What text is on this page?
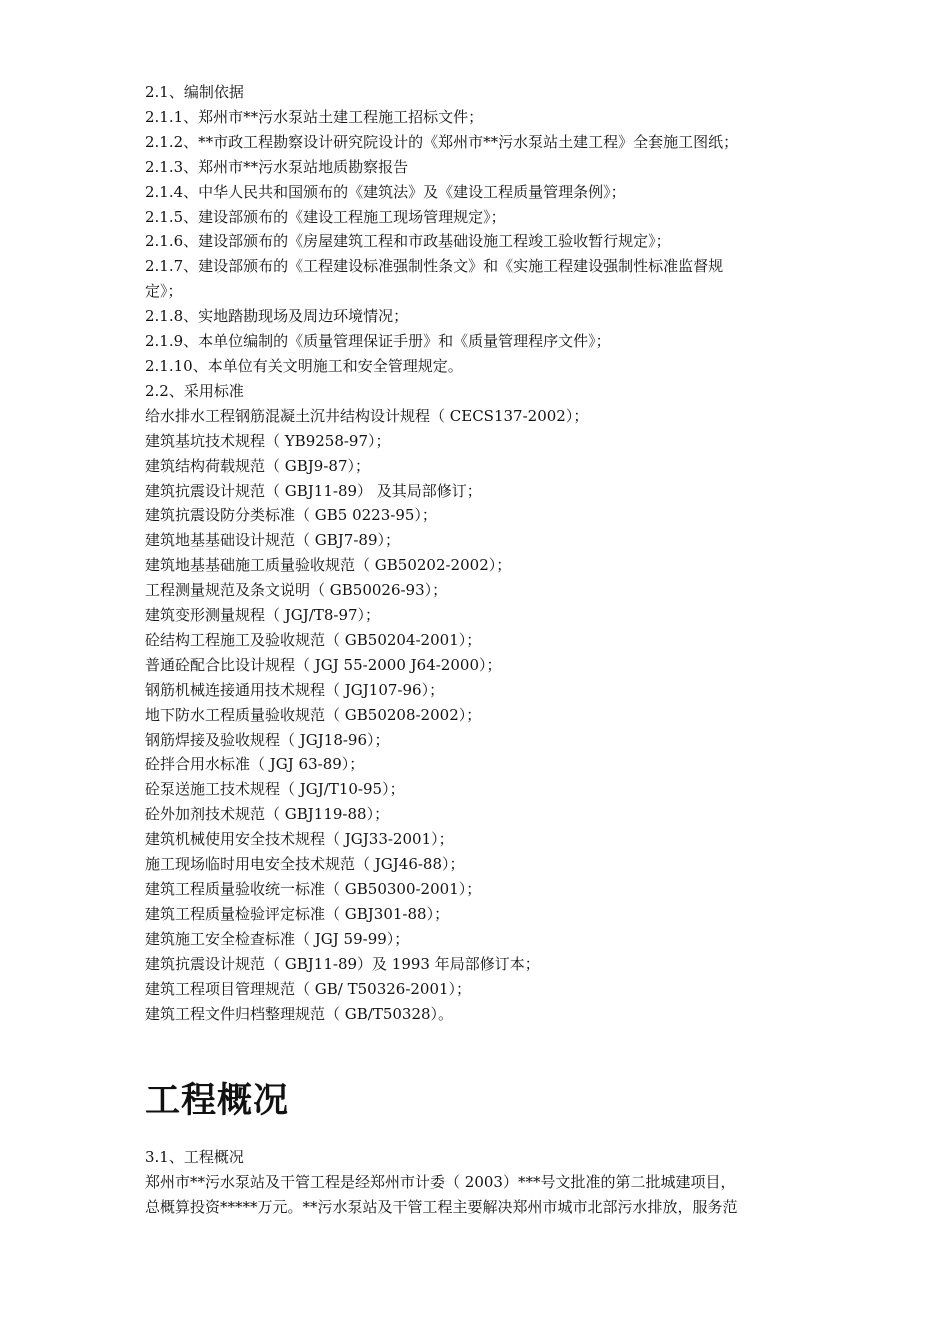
2.1、编制依据
2.1.1、郑州市**污水泵站土建工程施工招标文件；
2.1.2、**市政工程勘察设计研究院设计的《郑州市**污水泵站土建工程》全套施工图纸；
2.1.3、郑州市**污水泵站地质勘察报告
2.1.4、中华人民共和国颁布的《建筑法》及《建设工程质量管理条例》；
2.1.5、建设部颁布的《建设工程施工现场管理规定》；
2.1.6、建设部颁布的《房屋建筑工程和市政基础设施工程竣工验收暂行规定》；
2.1.7、建设部颁布的《工程建设标准强制性条文》和《实施工程建设强制性标准监督规
定》；
2.1.8、实地踏勘现场及周边环境情况；
2.1.9、本单位编制的《质量管理保证手册》和《质量管理程序文件》；
2.1.10、本单位有关文明施工和安全管理规定。
2.2、采用标准
给水排水工程钢筋混凝土沉井结构设计规程（ CECS137-2002）；
建筑基坑技术规程（ YB9258-97）；
建筑结构荷载规范（ GBJ9-87）；
建筑抗震设计规范（ GBJ11-89） 及其局部修订；
建筑抗震设防分类标准（ GB5 0223-95）；
建筑地基基础设计规范（ GBJ7-89）；
建筑地基基础施工质量验收规范（ GB50202-2002）；
工程测量规范及条文说明（ GB50026-93）；
建筑变形测量规程（ JGJ/T8-97）；
砼结构工程施工及验收规范（ GB50204-2001）；
普通砼配合比设计规程（ JGJ 55-2000 J64-2000）；
钢筋机械连接通用技术规程（ JGJ107-96）；
地下防水工程质量验收规范（ GB50208-2002）；
钢筋焊接及验收规程（ JGJ18-96）；
砼拌合用水标准（ JGJ 63-89）；
砼泵送施工技术规程（ JGJ/T10-95）；
砼外加剂技术规范（ GBJ119-88）；
建筑机械使用安全技术规程（ JGJ33-2001）；
施工现场临时用电安全技术规范（ JGJ46-88）；
建筑工程质量验收统一标准（ GB50300-2001）；
建筑工程质量检验评定标准（ GBJ301-88）；
建筑施工安全检查标准（ JGJ 59-99）；
建筑抗震设计规范（ GBJ11-89）及 1993 年局部修订本；
建筑工程项目管理规范（ GB/ T50326-2001）；
建筑工程文件归档整理规范（ GB/T50328）。
工程概况
3.1、工程概况
郑州市**污水泵站及干管工程是经郑州市计委（ 2003）***号文批准的第二批城建项目，
总概算投资*****万元。**污水泵站及干管工程主要解决郑州市城市北部污水排放，服务范
